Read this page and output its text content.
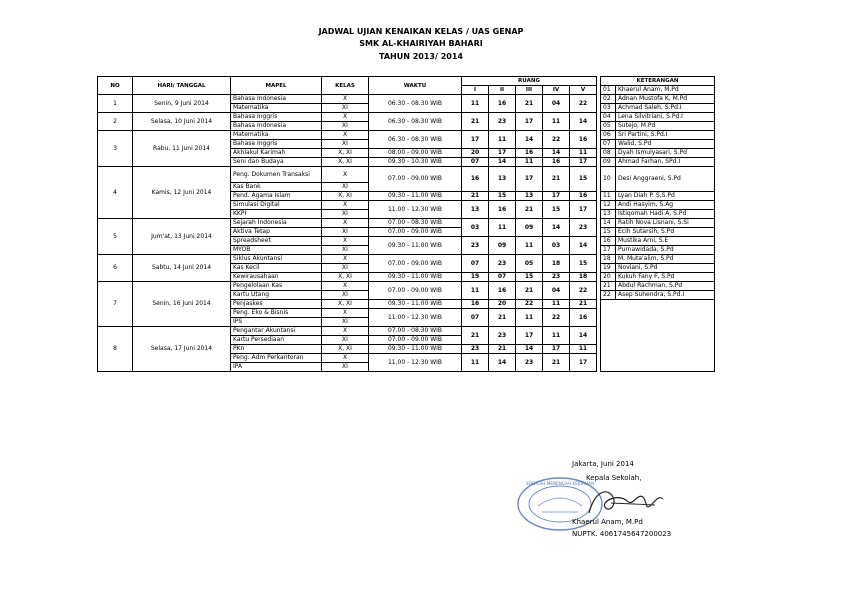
JADWAL UJIAN KENAIKAN KELAS / UAS GENAP
SMK AL-KHAIRIYAH BAHARI
TAHUN 2013/ 2014
NO	HARI/ TANGGAL	MAPEL	KELAS	WAKTU	RUANG						KETERANGAN	
					I	II	III	IV	V		01	Khaerul Anam, M.Pd
1	Senin, 9 Juni 2014	Bahasa Indonesia	X	06.30 - 08.30 WIB	11	16	21	04	22		02	Adnan Mustofa K, M.Pd
		Matematika	XI								03	Achmad Saleh, S.Pd.I
2	Selasa, 10 Juni 2014	Bahasa Inggris	X	06.30 - 08.30 WIB	21	23	17	11	14		04	Lena Silvitriani, S.Pd.I
		Bahasa Indonesia	XI								05	Sutejo, M.Pd
3	Rabu, 11 Juni 2014	Matematika	X	06.30 - 08.30 WIB	17	11	14	22	16		06	Sri Partini, S.Pd.I
		Bahasa Inggris	XI								07	Walid, S.Pd
		Akhlakul Karimah	X, XI	08.00 - 09.00 WIB	20	17	16	14	11		08	Dyah Ismulyasari, S.Pd
		Seni dan Budaya	X, XI	09.30 - 10.30 WIB	07	14	11	16	17		09	Ahmad Farhan, SPd.I
4	Kamis, 12 Juni 2014	Peng. Dokumen Transaksi	X	07.00 - 09.00 WIB	16	13	17	21	15		10	Desi Anggraeni, S.Pd
		Kas Bank	XI									
		Pend. Agama Islam	X, XI	09.30 - 11.00 WIB	21	15	13	17	16		11	Lyan Diah P. S,S.Pd
		Simulasi Digital	X	11.00 - 12.30 WIB	13	16	21	15	17		12	Andi Hasyim, S.Ag
		KKPI	XI								13	Istiqomah Hadi A, S.Pd
5	Jum'at, 13 Juni 2014	Sejarah Indonesia	X	07.00 - 08.30 WIB	03	11	09	14	23		14	Ratih Nova Lisnani, S.Si
		Aktiva Tetap	XI	07.00 - 09.00 WIB							15	Ecih Sutarsih, S.Pd
		Spreadsheet	X	09.30 - 11.00 WIB	23	09	11	03	14		16	Mustika Arni, S.E
		MYOB	XI								17	Purnawidada, S.Pd
6	Sabtu, 14 Juni 2014	Siklus Akuntansi	X	07.00 - 09.00 WIB	07	23	05	18	15		18	M. Muta'alim, S.Pd
		Kas Kecil	XI								19	Noviani, S.Pd
		Kewirausahaan	X, XI	09.30 - 11.00 WIB	19	07	15	23	18		20	Kukuh Fany F, S.Pd
7	Senin, 16 Juni 2014	Pengelolaan Kas	X	07.00 - 09.00 WIB	11	16	21	04	22		21	Abdul Rachman, S.Pd
		Kartu Utang	XI								22	Asep Suhendra, S.Pd.I
		Penjaskes	X, XI	09.30 - 11.00 WIB	16	20	22	11	21			
		Peng. Eko & Bisnis	X	11.00 - 12.30 WIB	07	21	11	22	16			
		IPS	XI									
8	Selasa, 17 Juni 2014	Pengantar Akuntansi	X	07.00 - 08.30 WIB	21	23	17	11	14			
		Kartu Persediaan	XI	07.00 - 09.00 WIB								
		PKn	X, XI	09.30 - 11.00 WIB	23	21	14	17	11			
		Peng. Adm Perkantoran	X	11.00 - 12.30 WIB	11	14	23	21	17			
		IPA	XI									
Jakarta, Juni 2014
Kepala Sekolah,
SEKOLAH MENENGAH KEJURUAN
Khaerul Anam, M.Pd
NUPTK. 4061745647200023
